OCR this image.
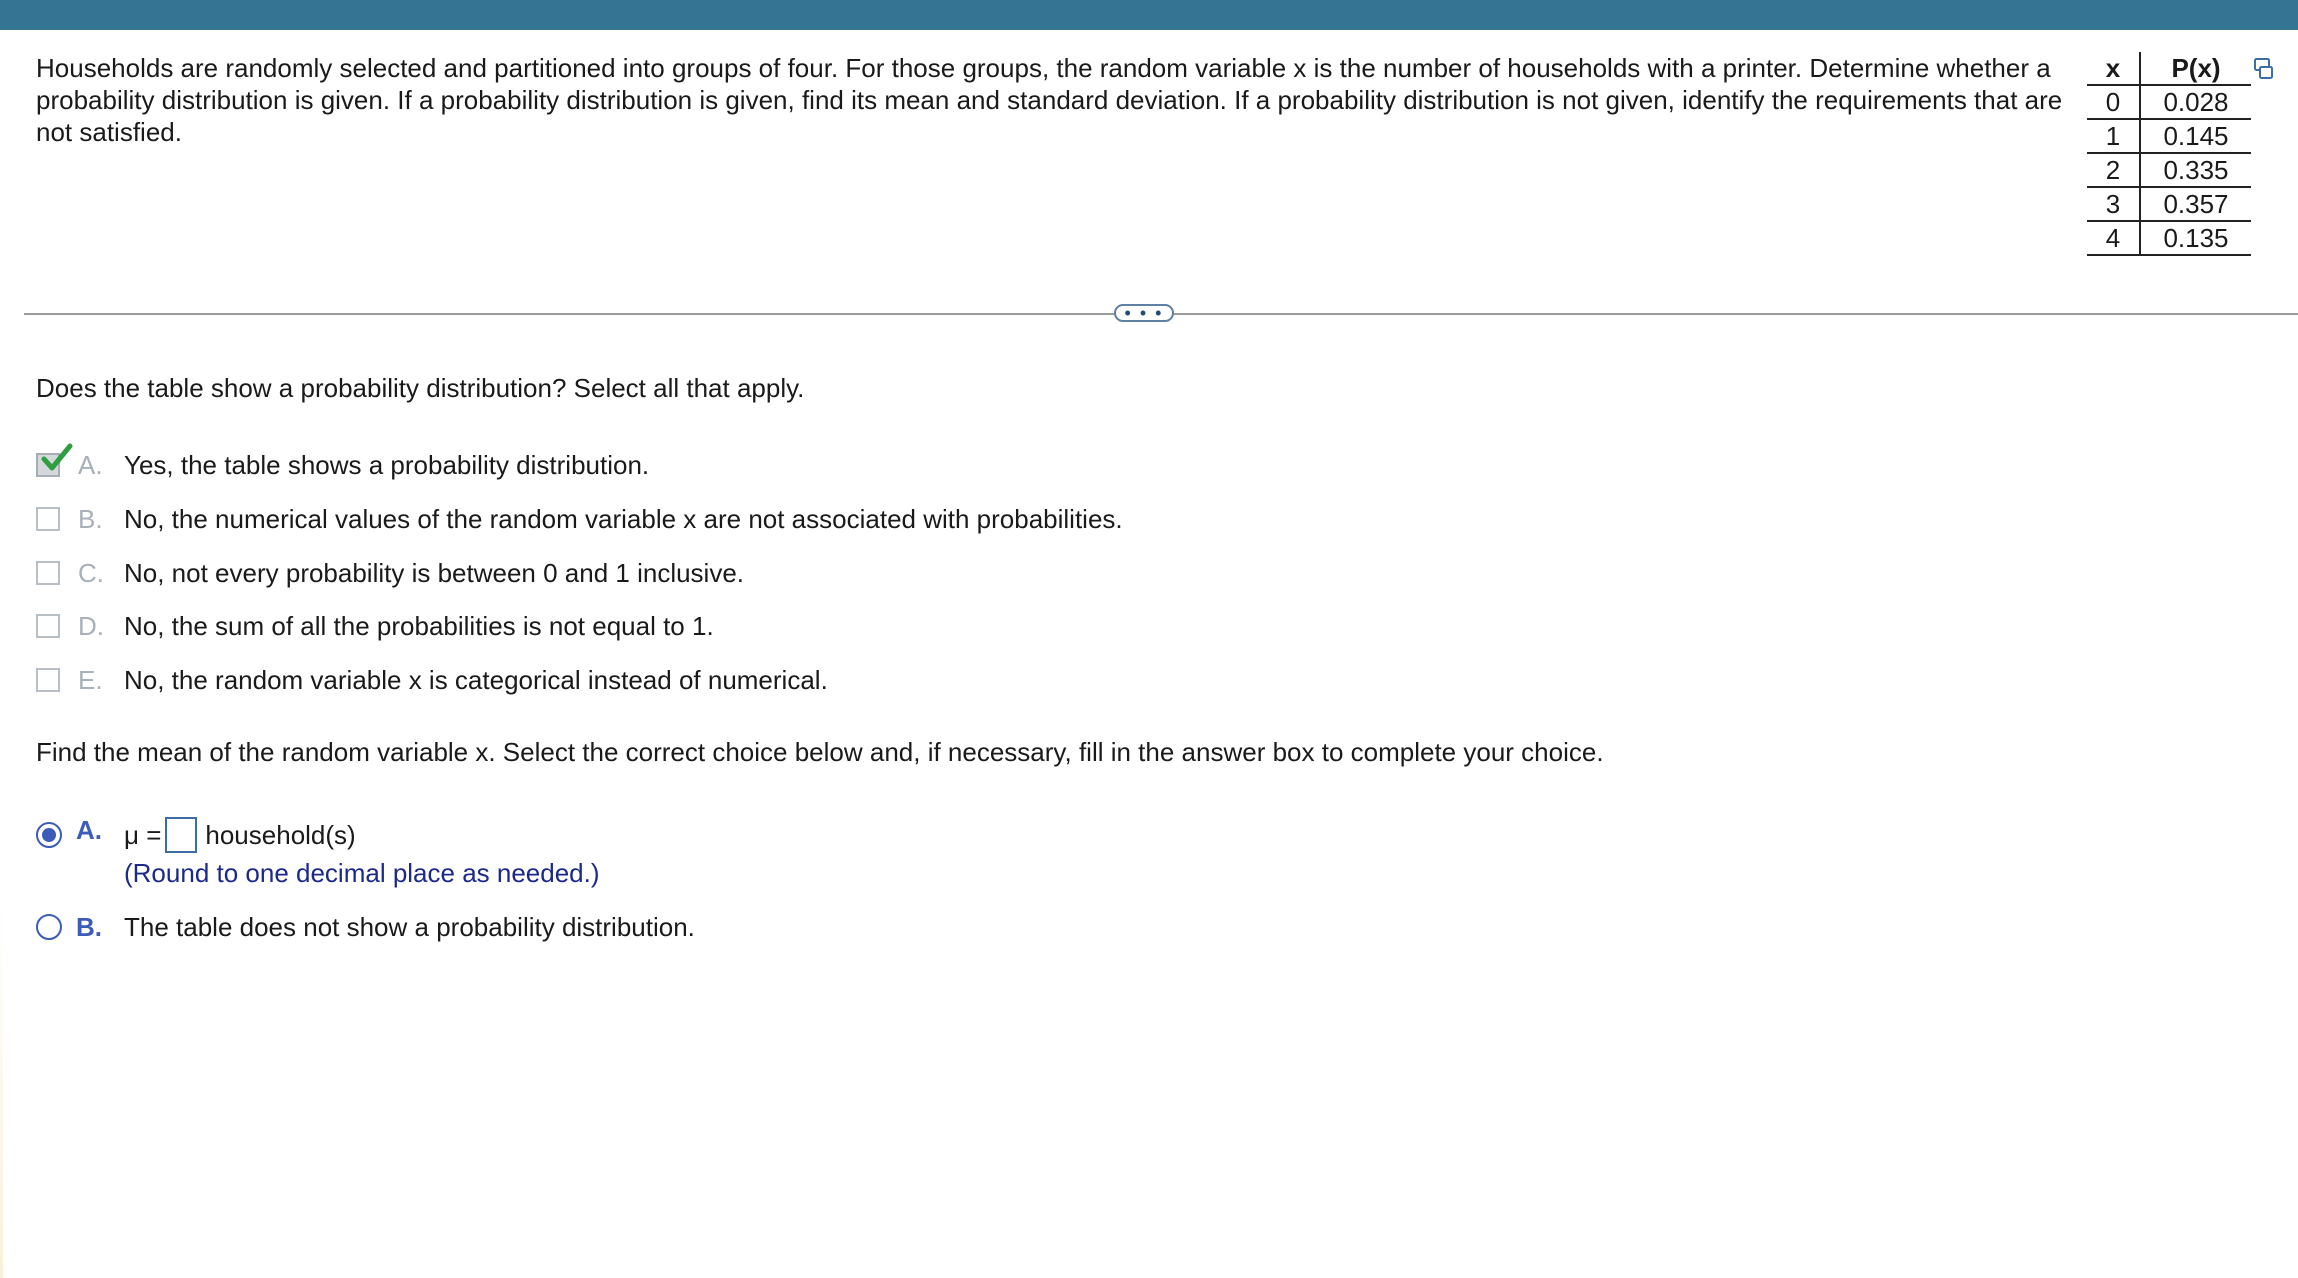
Households are randomly selected and partitioned into groups of four. For those groups, the random variable x is the number of households with a printer. Determine whether a probability distribution is given. If a probability distribution is given, find its mean and standard deviation. If a probability distribution is not given, identify the requirements that are not satisfied.
x	P(x)
0	0.028
1	0.145
2	0.335
3	0.357
4	0.135
• • •
Does the table show a probability distribution? Select all that apply.
A. Yes, the table shows a probability distribution.
B. No, the numerical values of the random variable x are not associated with probabilities.
C. No, not every probability is between 0 and 1 inclusive.
D. No, the sum of all the probabilities is not equal to 1.
E. No, the random variable x is categorical instead of numerical.
Find the mean of the random variable x. Select the correct choice below and, if necessary, fill in the answer box to complete your choice.
A. μ = household(s)
(Round to one decimal place as needed.)
B. The table does not show a probability distribution.
